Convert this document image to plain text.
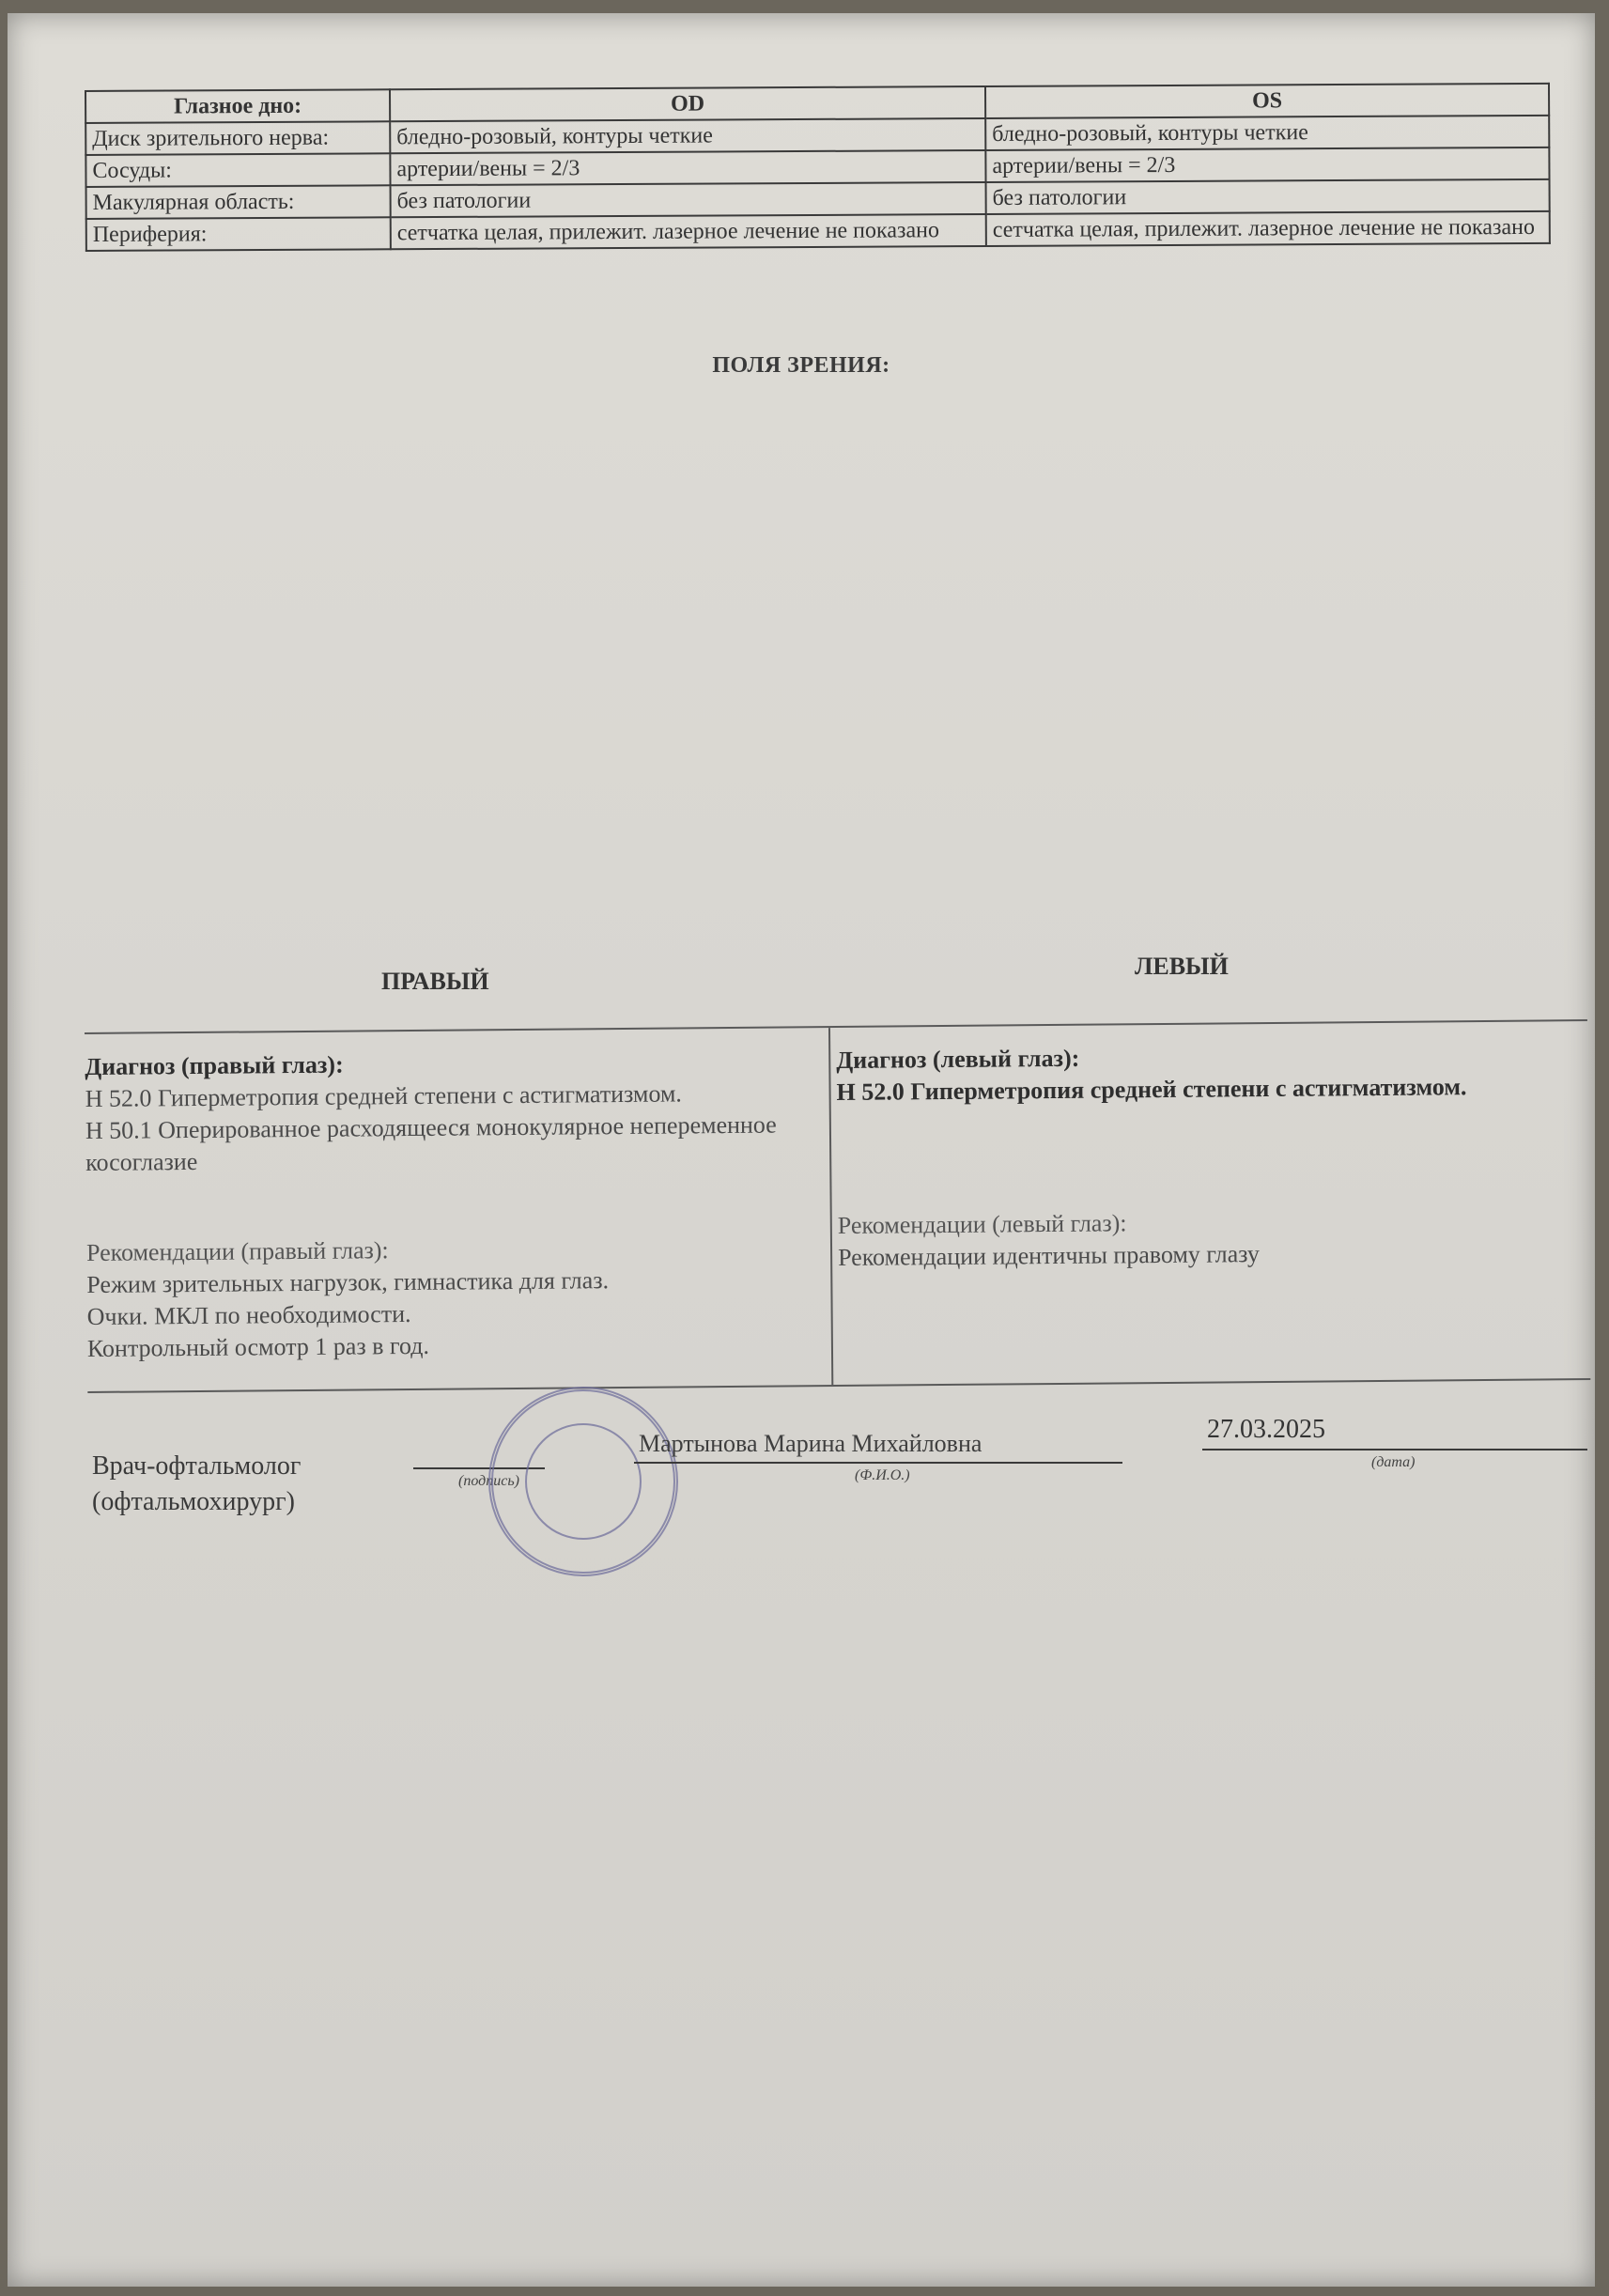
Глазное дно:	OD	OS
Диск зрительного нерва:	бледно-розовый, контуры четкие	бледно-розовый, контуры четкие
Сосуды:	артерии/вены = 2/3	артерии/вены = 2/3
Макулярная область:	без патологии	без патологии
Периферия:	сетчатка целая, прилежит. лазерное лечение не показано	сетчатка целая, прилежит. лазерное лечение не показано
ПОЛЯ ЗРЕНИЯ:
ПРАВЫЙ
ЛЕВЫЙ
Диагноз (правый глаз):
Н 52.0 Гиперметропия средней степени с астигматизмом.
Н 50.1 Оперированное расходящееся монокулярное непеременное косоглазие
Рекомендации (правый глаз):
Режим зрительных нагрузок, гимнастика для глаз.
Очки. МКЛ по необходимости.
Контрольный осмотр 1 раз в год.
Диагноз (левый глаз):
Н 52.0 Гиперметропия средней степени с астигматизмом.
Рекомендации (левый глаз):
Рекомендации идентичны правому глазу
Врач-офтальмолог
(офтальмохирург)
(подпись)
Мартынова Марина Михайловна
(Ф.И.О.)
27.03.2025
(дата)
